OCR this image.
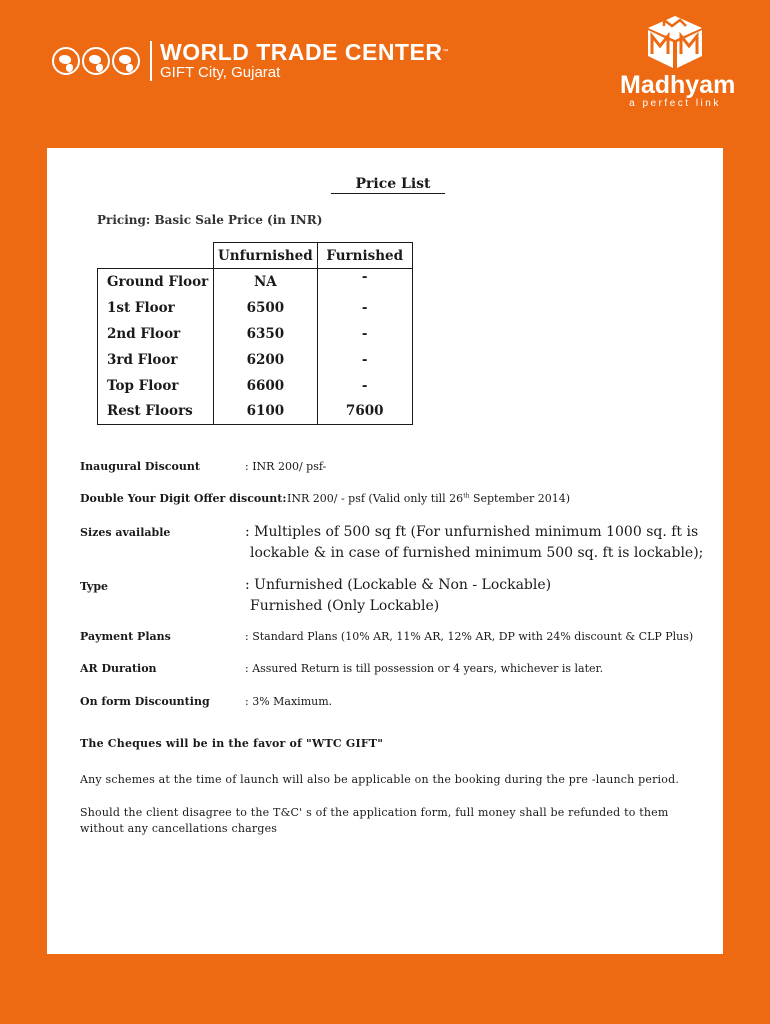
WORLD TRADE CENTER™
GIFT City, Gujarat	Madhyam
a perfect link
Price List
Pricing: Basic Sale Price (in INR)
	Unfurnished	Furnished
Ground Floor	NA	-
1st Floor	6500	-
2nd Floor	6350	-
3rd Floor	6200	-
Top Floor	6600	-
Rest Floors	6100	7600
Inaugural Discount	: INR 200/ psf-
Double Your Digit Offer discount: INR 200/ - psf (Valid only till 26th September 2014)
Sizes available	: Multiples of 500 sq ft (For unfurnished minimum 1000 sq. ft is
lockable & in case of furnished minimum 500 sq. ft is lockable);
Type	: Unfurnished (Lockable & Non - Lockable)
Furnished (Only Lockable)
Payment Plans	: Standard Plans (10% AR, 11% AR, 12% AR, DP with 24% discount & CLP Plus)
AR Duration	: Assured Return is till possession or 4 years, whichever is later.
On form Discounting	: 3% Maximum.
The Cheques will be in the favor of "WTC GIFT"
Any schemes at the time of launch will also be applicable on the booking during the pre -launch period.
Should the client disagree to the T&C' s of the application form, full money shall be refunded to them
without any cancellations charges
